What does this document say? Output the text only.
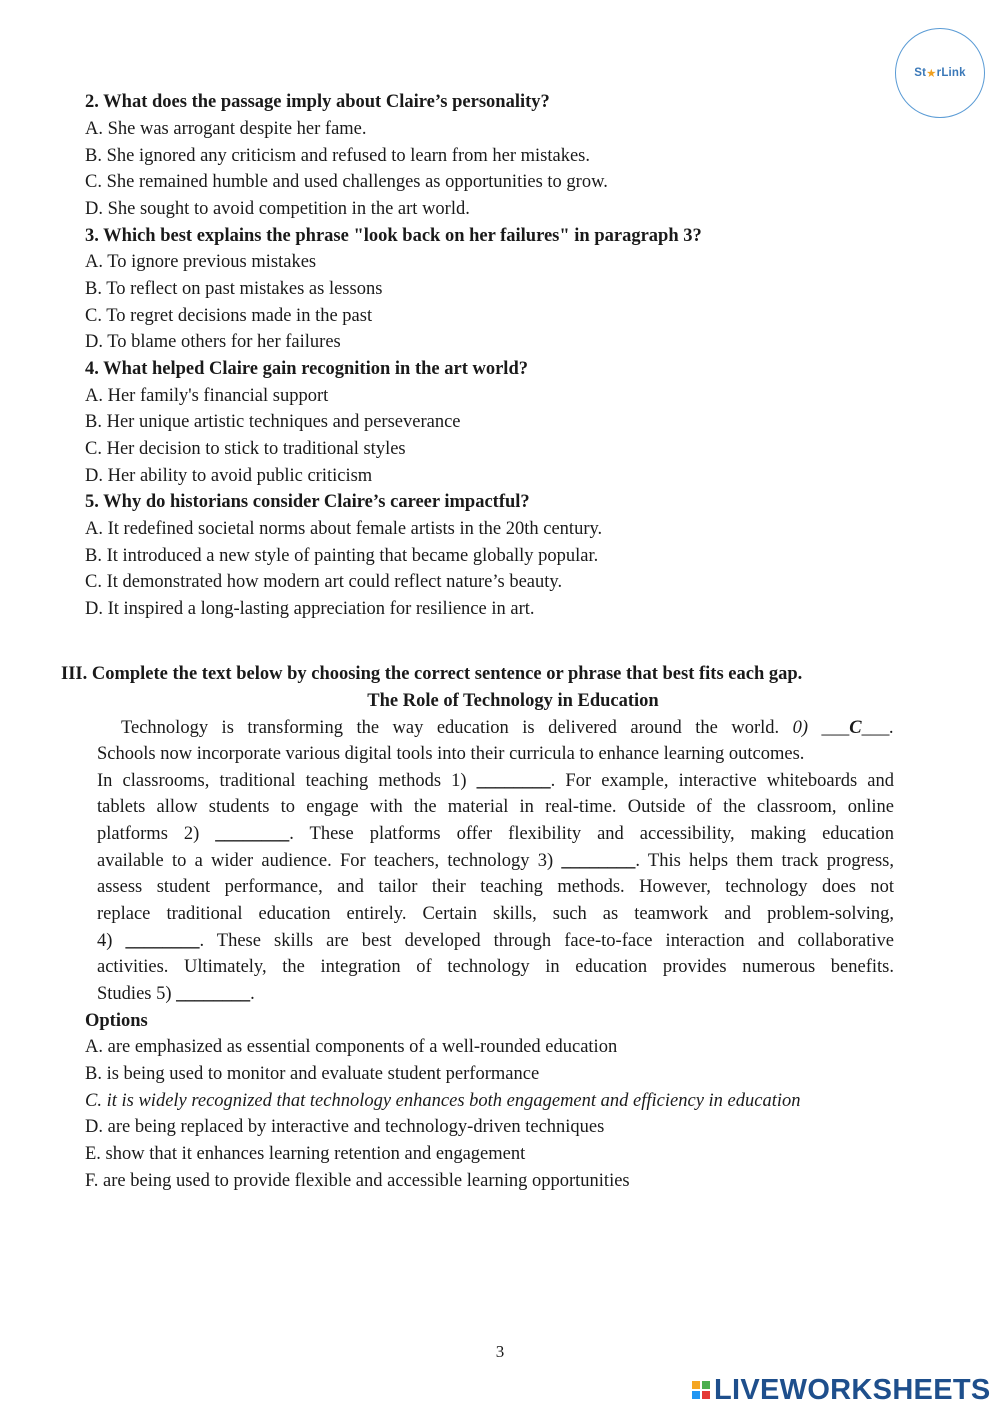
St ★ rLink
2. What does the passage imply about Claire’s personality?
A. She was arrogant despite her fame.
B. She ignored any criticism and refused to learn from her mistakes.
C. She remained humble and used challenges as opportunities to grow.
D. She sought to avoid competition in the art world.
3. Which best explains the phrase "look back on her failures" in paragraph 3?
A. To ignore previous mistakes
B. To reflect on past mistakes as lessons
C. To regret decisions made in the past
D. To blame others for her failures
4. What helped Claire gain recognition in the art world?
A. Her family's financial support
B. Her unique artistic techniques and perseverance
C. Her decision to stick to traditional styles
D. Her ability to avoid public criticism
5. Why do historians consider Claire’s career impactful?
A. It redefined societal norms about female artists in the 20th century.
B. It introduced a new style of painting that became globally popular.
C. It demonstrated how modern art could reflect nature’s beauty.
D. It inspired a long-lasting appreciation for resilience in art.
III. Complete the text below by choosing the correct sentence or phrase that best fits each gap.
The Role of Technology in Education
Technology is transforming the way education is delivered around the world. 0) ___C___.
Schools now incorporate various digital tools into their curricula to enhance learning outcomes.
In classrooms, traditional teaching methods 1) ________. For example, interactive whiteboards and
tablets allow students to engage with the material in real-time. Outside of the classroom, online
platforms 2) ________. These platforms offer flexibility and accessibility, making education
available to a wider audience. For teachers, technology 3) ________. This helps them track progress,
assess student performance, and tailor their teaching methods. However, technology does not
replace traditional education entirely. Certain skills, such as teamwork and problem-solving,
4) ________. These skills are best developed through face-to-face interaction and collaborative
activities. Ultimately, the integration of technology in education provides numerous benefits.
Studies 5) ________.
Options
A. are emphasized as essential components of a well-rounded education
B. is being used to monitor and evaluate student performance
C. it is widely recognized that technology enhances both engagement and efficiency in education
D. are being replaced by interactive and technology-driven techniques
E. show that it enhances learning retention and engagement
F. are being used to provide flexible and accessible learning opportunities
3
LIVEWORKSHEETS
